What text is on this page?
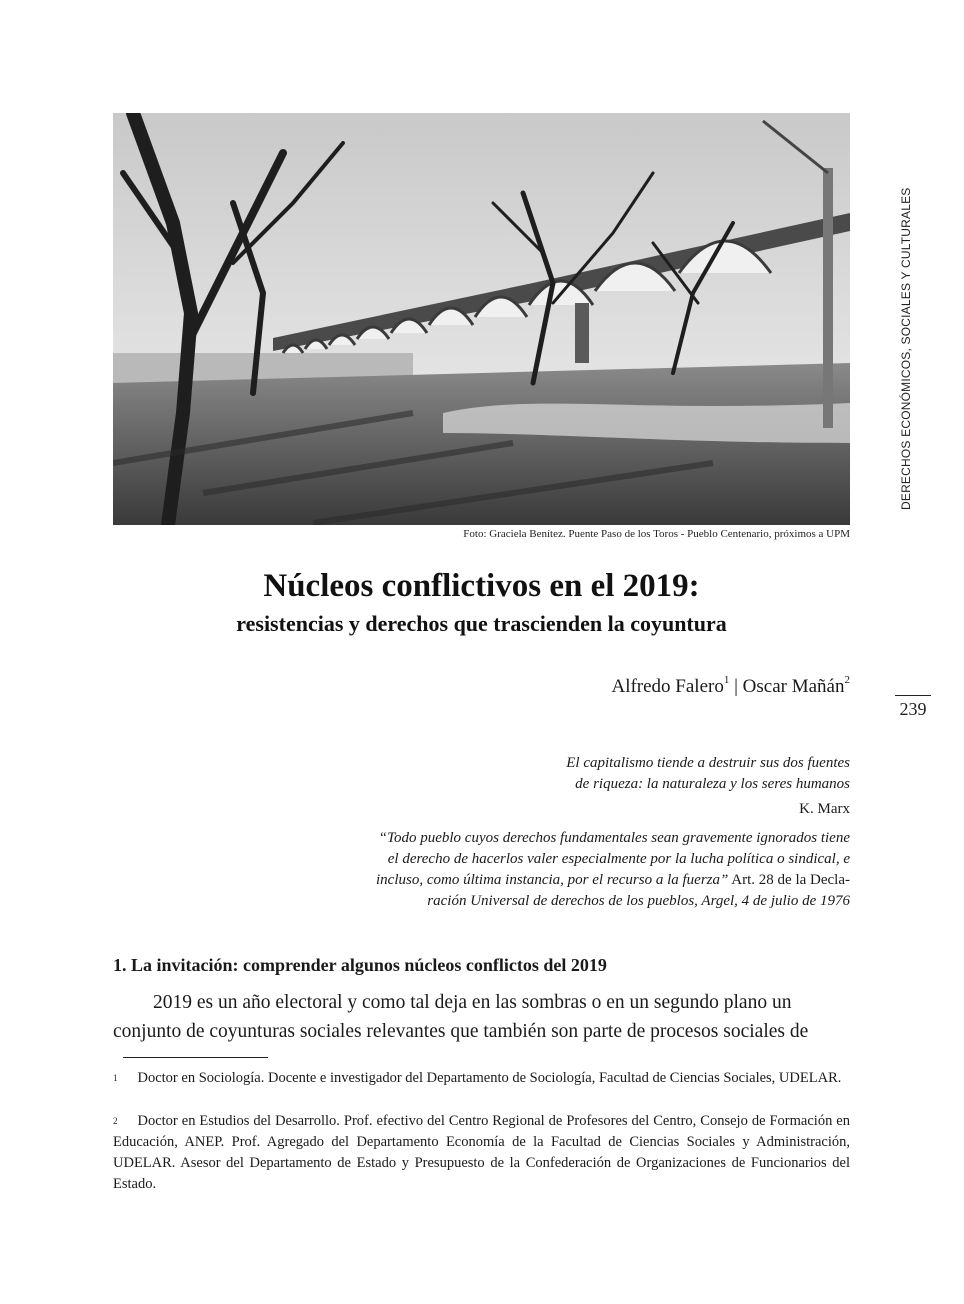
Foto: Graciela Benítez. Puente Paso de los Toros - Pueblo Centenario, próximos a UPM
DERECHOS ECONÓMICOS, SOCIALES Y CULTURALES
239
Núcleos conflictivos en el 2019:
resistencias y derechos que trascienden la coyuntura
Alfredo Falero$^1$ | Oscar Mañán$^2$
El capitalismo tiende a destruir sus dos fuentes
de riqueza: la naturaleza y los seres humanos
K. Marx
“Todo pueblo cuyos derechos fundamentales sean gravemente ignorados tiene
el derecho de hacerlos valer especialmente por la lucha política o sindical, e
incluso, como última instancia, por el recurso a la fuerza” Art. 28 de la Decla-
ración Universal de derechos de los pueblos, Argel, 4 de julio de 1976
1. La invitación: comprender algunos núcleos conflictos del 2019
2019 es un año electoral y como tal deja en las sombras o en un segundo plano un
conjunto de coyunturas sociales relevantes que también son parte de procesos sociales de
$^1$ Doctor en Sociología. Docente e investigador del Departamento de Sociología, Facultad de Ciencias Sociales, UDELAR.
$^2$ Doctor en Estudios del Desarrollo. Prof. efectivo del Centro Regional de Profesores del Centro, Consejo de Formación en Educación, ANEP. Prof. Agregado del Departamento Economía de la Facultad de Ciencias Sociales y Administración, UDELAR. Asesor del Departamento de Estado y Presupuesto de la Confederación de Organizaciones de Funcionarios del Estado.
